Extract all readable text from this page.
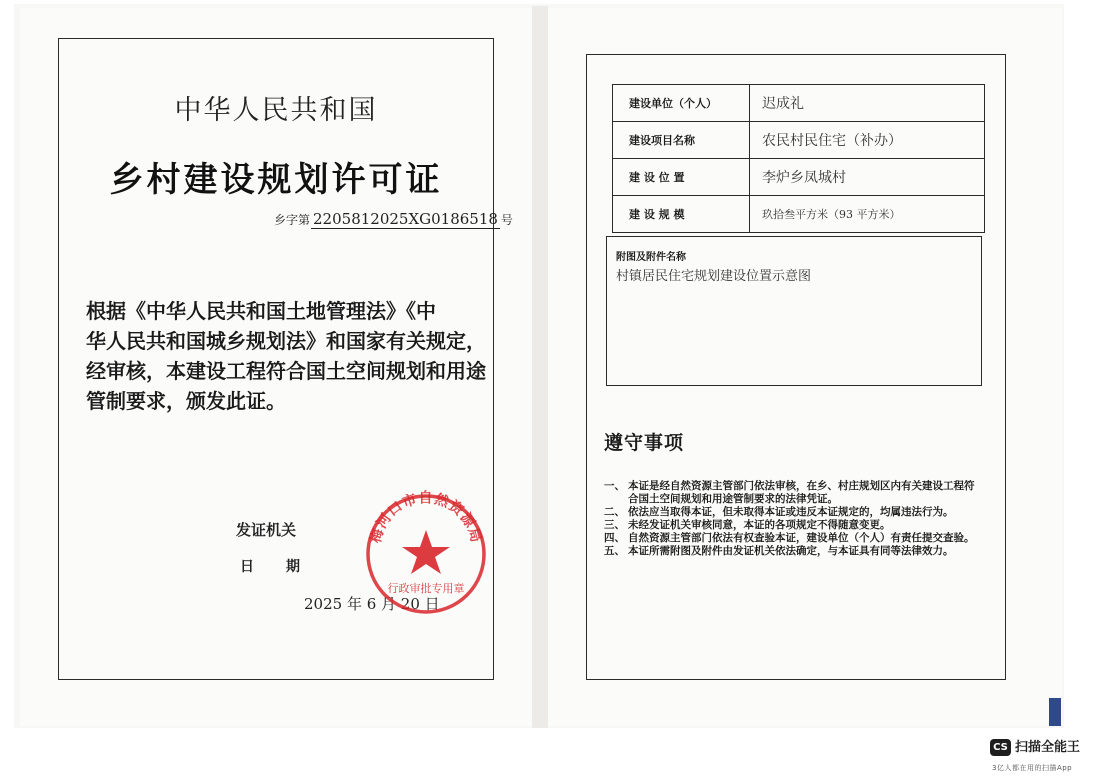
中华人民共和国
乡村建设规划许可证
乡字第 2205812025XG0186518 号

根据《中华人民共和国土地管理法》《中

华人民共和国城乡规划法》和国家有关规定，

经审核，本建设工程符合国土空间规划和用途

管制要求，颁发此证。

发证机关
日 期
2025 年 6 月 20 日
梅河口市自然资源局
行政审批专用章
建设单位（个人）	迟成礼
建设项目名称	农民村民住宅（补办）
建 设 位 置	李炉乡凤城村
建 设 规 模	玖拾叁平方米（93 平方米）
附图及附件名称
村镇居民住宅规划建设位置示意图
遵守事项
一、 本证是经自然资源主管部门依法审核，在乡、村庄规划区内有关建设工程符合国土空间规划和用途管制要求的法律凭证。
二、 依法应当取得本证，但未取得本证或违反本证规定的，均属违法行为。
三、 未经发证机关审核同意，本证的各项规定不得随意变更。
四、 自然资源主管部门依法有权查验本证，建设单位（个人）有责任提交查验。
五、 本证所需附图及附件由发证机关依法确定，与本证具有同等法律效力。
CS 扫描全能王
3亿人都在用的扫描App
